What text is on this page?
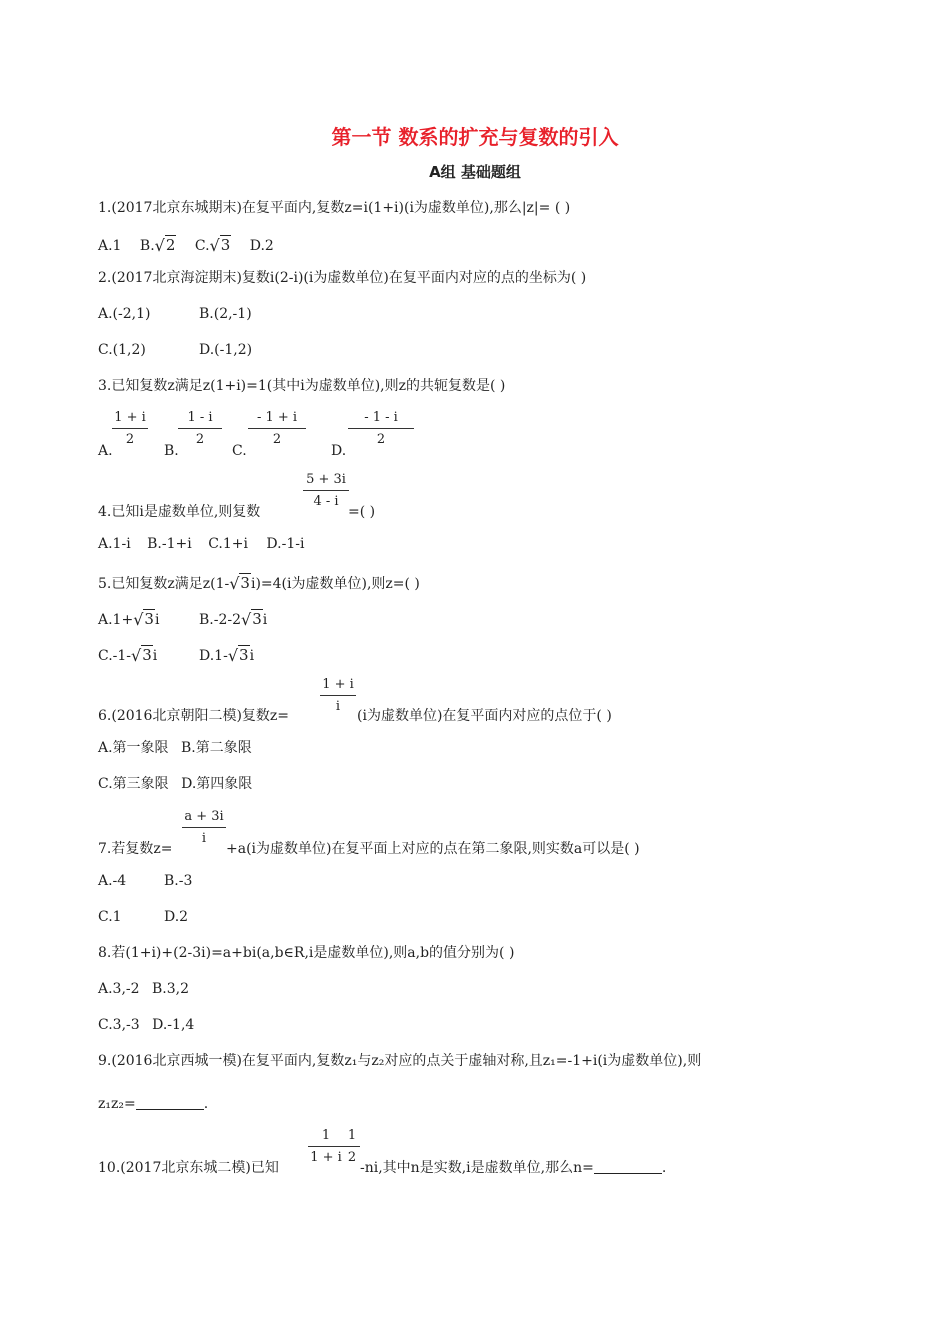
第一节 数系的扩充与复数的引入
A组 基础题组
1.(2017北京东城期末)在复平面内,复数z=i(1+i)(i为虚数单位),那么|z|= ( )
A.1 B.√2 C.√3 D.2
2.(2017北京海淀期末)复数i(2-i)(i为虚数单位)在复平面内对应的点的坐标为( )
A.(-2,1)	B.(2,-1)
C.(1,2)	D.(-1,2)
3.已知复数z满足z(1+i)=1(其中i为虚数单位),则z的共轭复数是( )
A.
$\frac{1 + i}{2}$
B.
$\frac{1 - i}{2}$
C.
$\frac{- 1 + i}{2}$
D.
$\frac{- 1 - i}{2}$
4.已知i是虚数单位,则复数
$\frac{5 + 3i}{4 - i}$
=( )
A.1-i B.-1+i C.1+i D.-1-i
5.已知复数z满足z(1-√3i)=4(i为虚数单位),则z=( )
A.1+√3i	B.-2-2√3i
C.-1-√3i	D.1-√3i
6.(2016北京朝阳二模)复数z=
$\frac{1 + i}{i}$
(i为虚数单位)在复平面内对应的点位于( )
A.第一象限 B.第二象限
C.第三象限 D.第四象限
7.若复数z=
$\frac{a + 3i}{i}$
+a(i为虚数单位)在复平面上对应的点在第二象限,则实数a可以是( )
A.-4	B.-3
C.1	D.2
8.若(1+i)+(2-3i)=a+bi(a,b∈R,i是虚数单位),则a,b的值分别为( )
A.3,-2 B.3,2
C.3,-3 D.-1,4
9.(2016北京西城一模)在复平面内,复数z₁与z₂对应的点关于虚轴对称,且z₁=-1+i(i为虚数单位),则
z₁z₂=	.
10.(2017北京东城二模)已知
$\frac{1}{1 + i} \frac{1}{2}$
-ni,其中n是实数,i是虚数单位,那么n=	.
